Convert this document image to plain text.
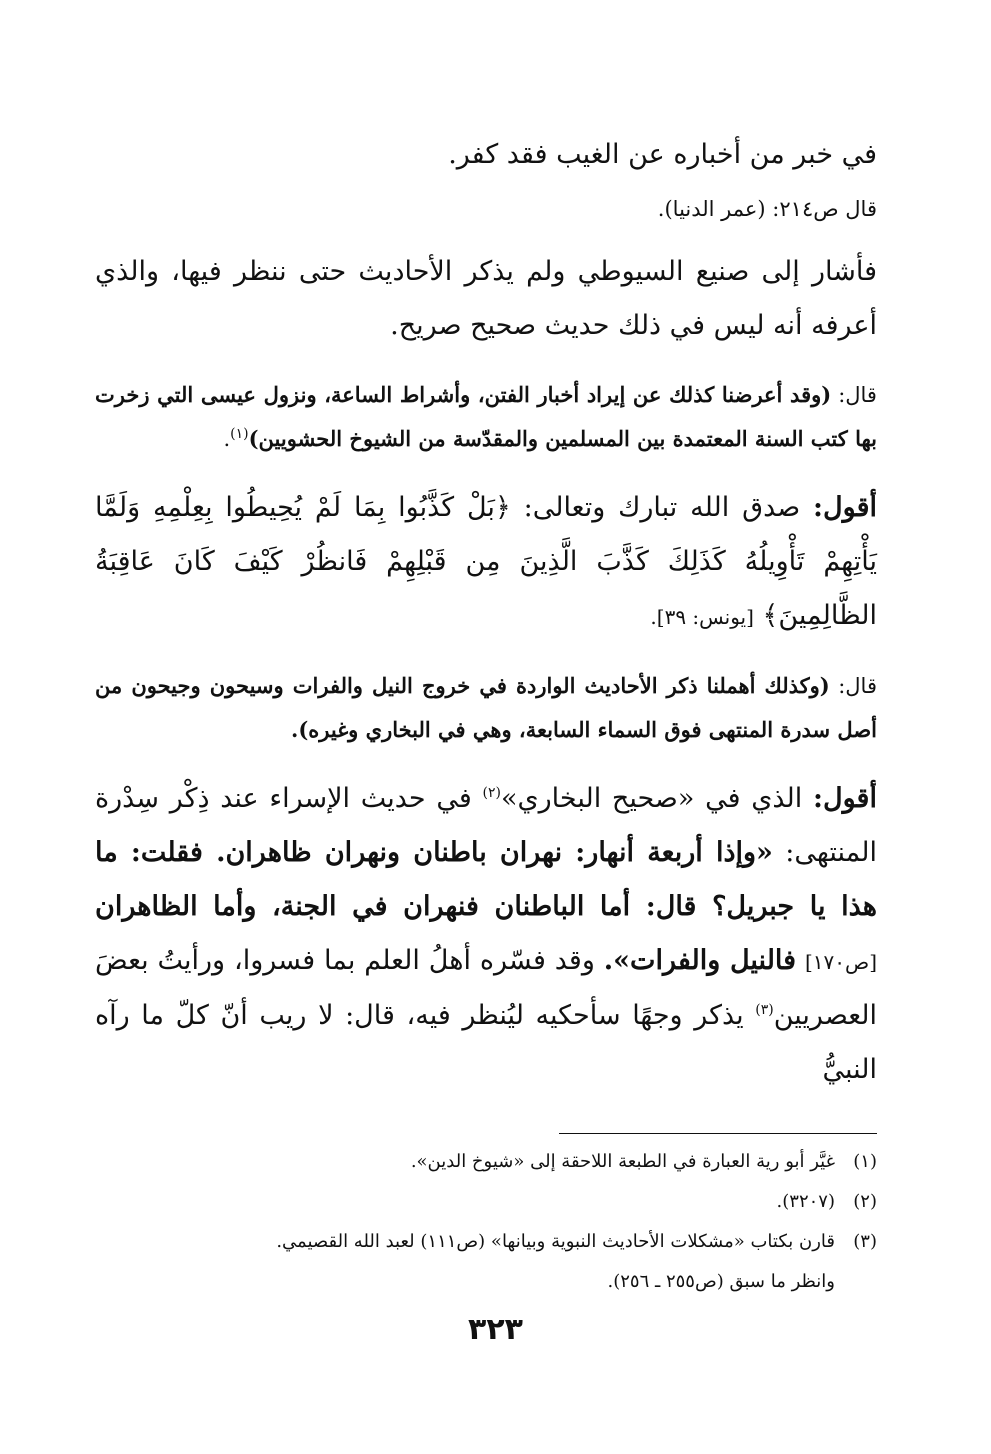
في خبر من أخباره عن الغيب فقد كفر.

قال ص٢١٤: (عمر الدنيا).

فأشار إلى صنيع السيوطي ولم يذكر الأحاديث حتى ننظر فيها، والذي أعرفه أنه ليس في ذلك حديث صحيح صريح.

قال: (وقد أعرضنا كذلك عن إيراد أخبار الفتن، وأشراط الساعة، ونزول عيسى التي زخرت بها كتب السنة المعتمدة بين المسلمين والمقدّسة من الشيوخ الحشويين)$^{(١)}$.

أقول: صدق الله تبارك وتعالى: ﴿بَلْ كَذَّبُوا بِمَا لَمْ يُحِيطُوا بِعِلْمِهِ وَلَمَّا يَأْتِهِمْ تَأْوِيلُهُ كَذَلِكَ كَذَّبَ الَّذِينَ مِن قَبْلِهِمْ فَانظُرْ كَيْفَ كَانَ عَاقِبَةُ الظَّالِمِينَ﴾ [يونس: ٣٩].

قال: (وكذلك أهملنا ذكر الأحاديث الواردة في خروج النيل والفرات وسيحون وجيحون من أصل سدرة المنتهى فوق السماء السابعة، وهي في البخاري وغيره).

أقول: الذي في «صحيح البخاري»$^{(٢)}$ في حديث الإسراء عند ذِكْر سِدْرة المنتهى: «وإذا أربعة أنهار: نهران باطنان ونهران ظاهران. فقلت: ما هذا يا جبريل؟ قال: أما الباطنان فنهران في الجنة، وأما الظاهران [ص١٧٠] فالنيل والفرات». وقد فسّره أهلُ العلم بما فسروا، ورأيتُ بعضَ العصريين$^{(٣)}$ يذكر وجهًا سأحكيه ليُنظر فيه، قال: لا ريب أنّ كلّ ما رآه النبيُّ

(١)غيَّر أبو رية العبارة في الطبعة اللاحقة إلى «شيوخ الدين».
(٢)(٣٢٠٧).
(٣)قارن بكتاب «مشكلات الأحاديث النبوية وبيانها» (ص١١١) لعبد الله القصيمي.
وانظر ما سبق (ص٢٥٥ ـ ٢٥٦).
٣٢٣
